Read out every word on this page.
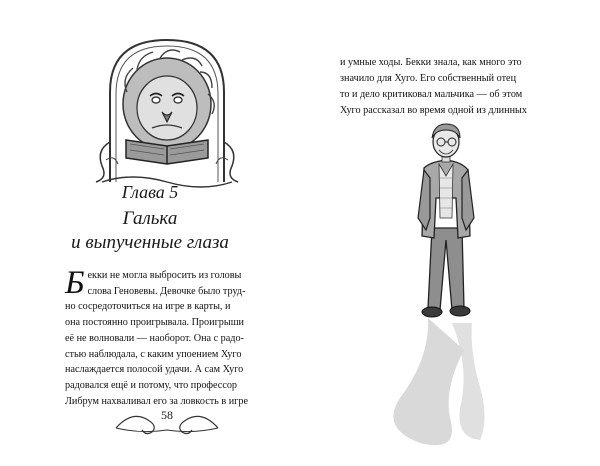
Глава 5
Галька
и выпученные глаза
Б екки не могла выбросить из головы
слова Геновевы. Девочке было труд-
но сосредоточиться на игре в карты, и
она постоянно проигрывала. Проигрыши
её не волновали — наоборот. Она с радо-
стью наблюдала, с каким упоением Хуго
наслаждается полосой удачи. А сам Хуго
радовался ещё и потому, что профессор
Либрум нахваливал его за ловкость в игре
58
и умные ходы. Бекки знала, как много это
значило для Хуго. Его собственный отец
то и дело критиковал мальчика — об этом
Хуго рассказал во время одной из длинных
